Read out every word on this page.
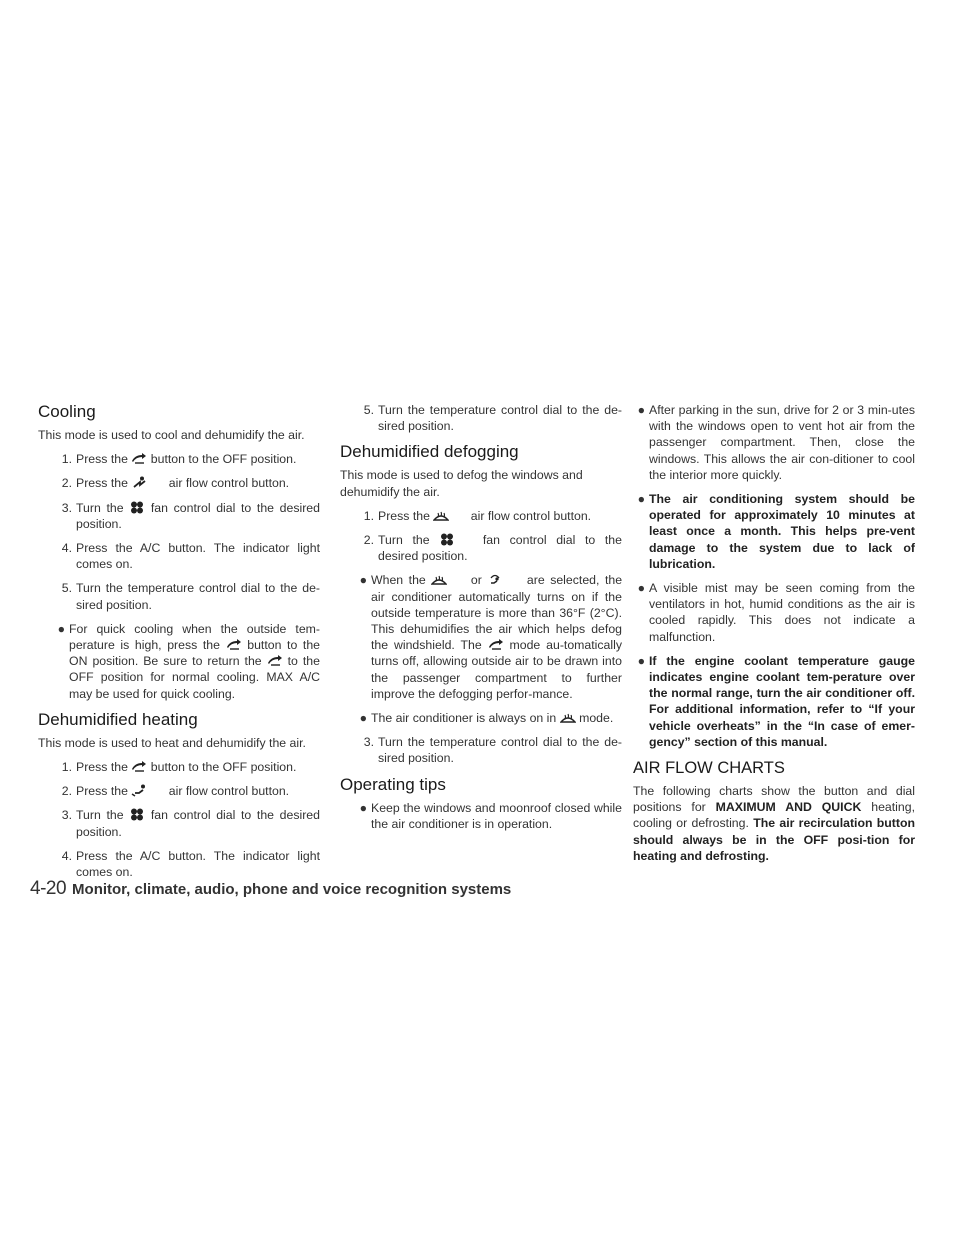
Cooling

This mode is used to cool and dehumidify the air.

1. Press the button to the OFF position.
2. Press the	air flow control button.
3. Turn the fan control dial to the desired position.
4. Press the A/C button. The indicator light comes on.
5. Turn the temperature control dial to the de-sired position.
● For quick cooling when the outside tem-perature is high, press the button to the ON position. Be sure to return the to the OFF position for normal cooling. MAX A/C may be used for quick cooling.
Dehumidified heating

This mode is used to heat and dehumidify the air.

1. Press the button to the OFF position.
2. Press the	air flow control button.
3. Turn the fan control dial to the desired position.
4. Press the A/C button. The indicator light comes on.
5. Turn the temperature control dial to the de-sired position.
Dehumidified defogging

This mode is used to defog the windows and dehumidify the air.

1. Press the	air flow control button.
2. Turn the	fan control dial to the desired position.
● When the	or	are selected, the air conditioner automatically turns on if the outside temperature is more than 36°F (2°C). This dehumidifies the air which helps defog the windshield. The mode au-tomatically turns off, allowing outside air to be drawn into the passenger compartment to further improve the defogging perfor-mance.
● The air conditioner is always on in mode.
3. Turn the temperature control dial to the de-sired position.
Operating tips
● Keep the windows and moonroof closed while the air conditioner is in operation.
● After parking in the sun, drive for 2 or 3 min-utes with the windows open to vent hot air from the passenger compartment. Then, close the windows. This allows the air con-ditioner to cool the interior more quickly.
● The air conditioning system should be operated for approximately 10 minutes at least once a month. This helps pre-vent damage to the system due to lack of lubrication.
● A visible mist may be seen coming from the ventilators in hot, humid conditions as the air is cooled rapidly. This does not indicate a malfunction.
● If the engine coolant temperature gauge indicates engine coolant tem-perature over the normal range, turn the air conditioner off. For additional information, refer to “If your vehicle overheats” in the “In case of emer-gency” section of this manual.
AIR FLOW CHARTS

The following charts show the button and dial positions for MAXIMUM AND QUICK heating, cooling or defrosting. The air recirculation button should always be in the OFF posi-tion for heating and defrosting.

4-20 Monitor, climate, audio, phone and voice recognition systems
